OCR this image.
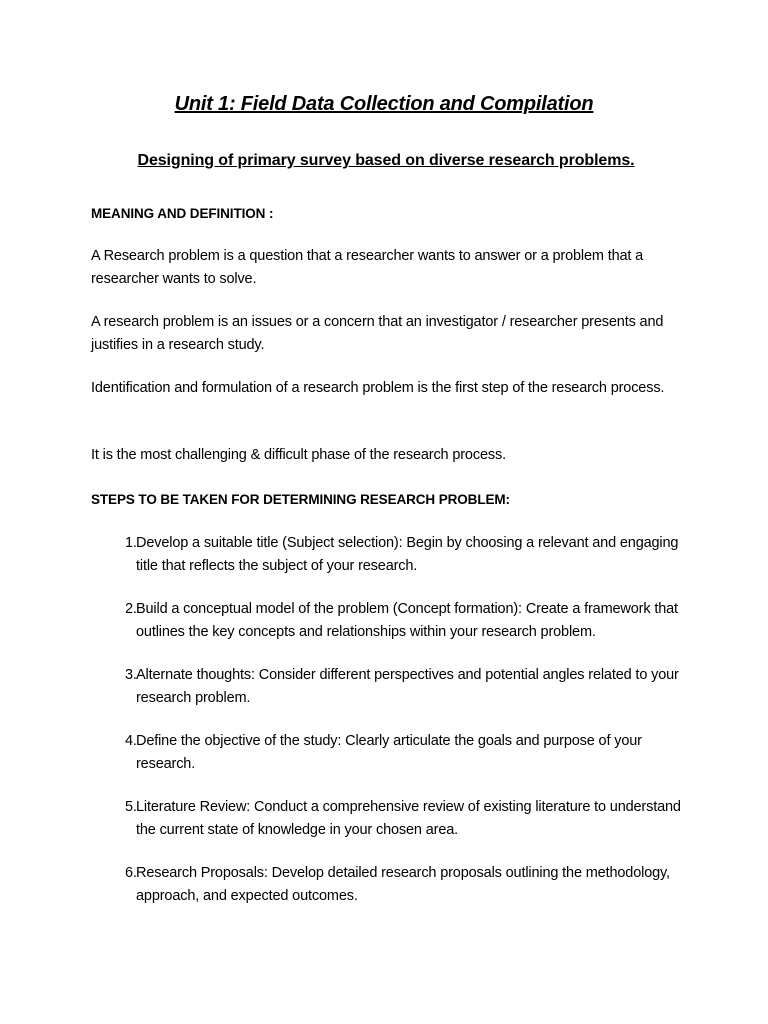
Unit 1: Field Data Collection and Compilation
Designing of primary survey based on diverse research problems.
MEANING AND DEFINITION :
A Research problem is a question that a researcher wants to answer or a problem that a researcher wants to solve.
A research problem is an issues or a concern that an investigator / researcher presents and justifies in a research study.
Identification and formulation of a research problem is the first step of the research process.
It is the most challenging & difficult phase of the research process.
STEPS TO BE TAKEN FOR DETERMINING RESEARCH PROBLEM:
1. Develop a suitable title (Subject selection): Begin by choosing a relevant and engaging title that reflects the subject of your research.
2. Build a conceptual model of the problem (Concept formation): Create a framework that outlines the key concepts and relationships within your research problem.
3. Alternate thoughts: Consider different perspectives and potential angles related to your research problem.
4. Define the objective of the study: Clearly articulate the goals and purpose of your research.
5. Literature Review: Conduct a comprehensive review of existing literature to understand the current state of knowledge in your chosen area.
6. Research Proposals: Develop detailed research proposals outlining the methodology, approach, and expected outcomes.
